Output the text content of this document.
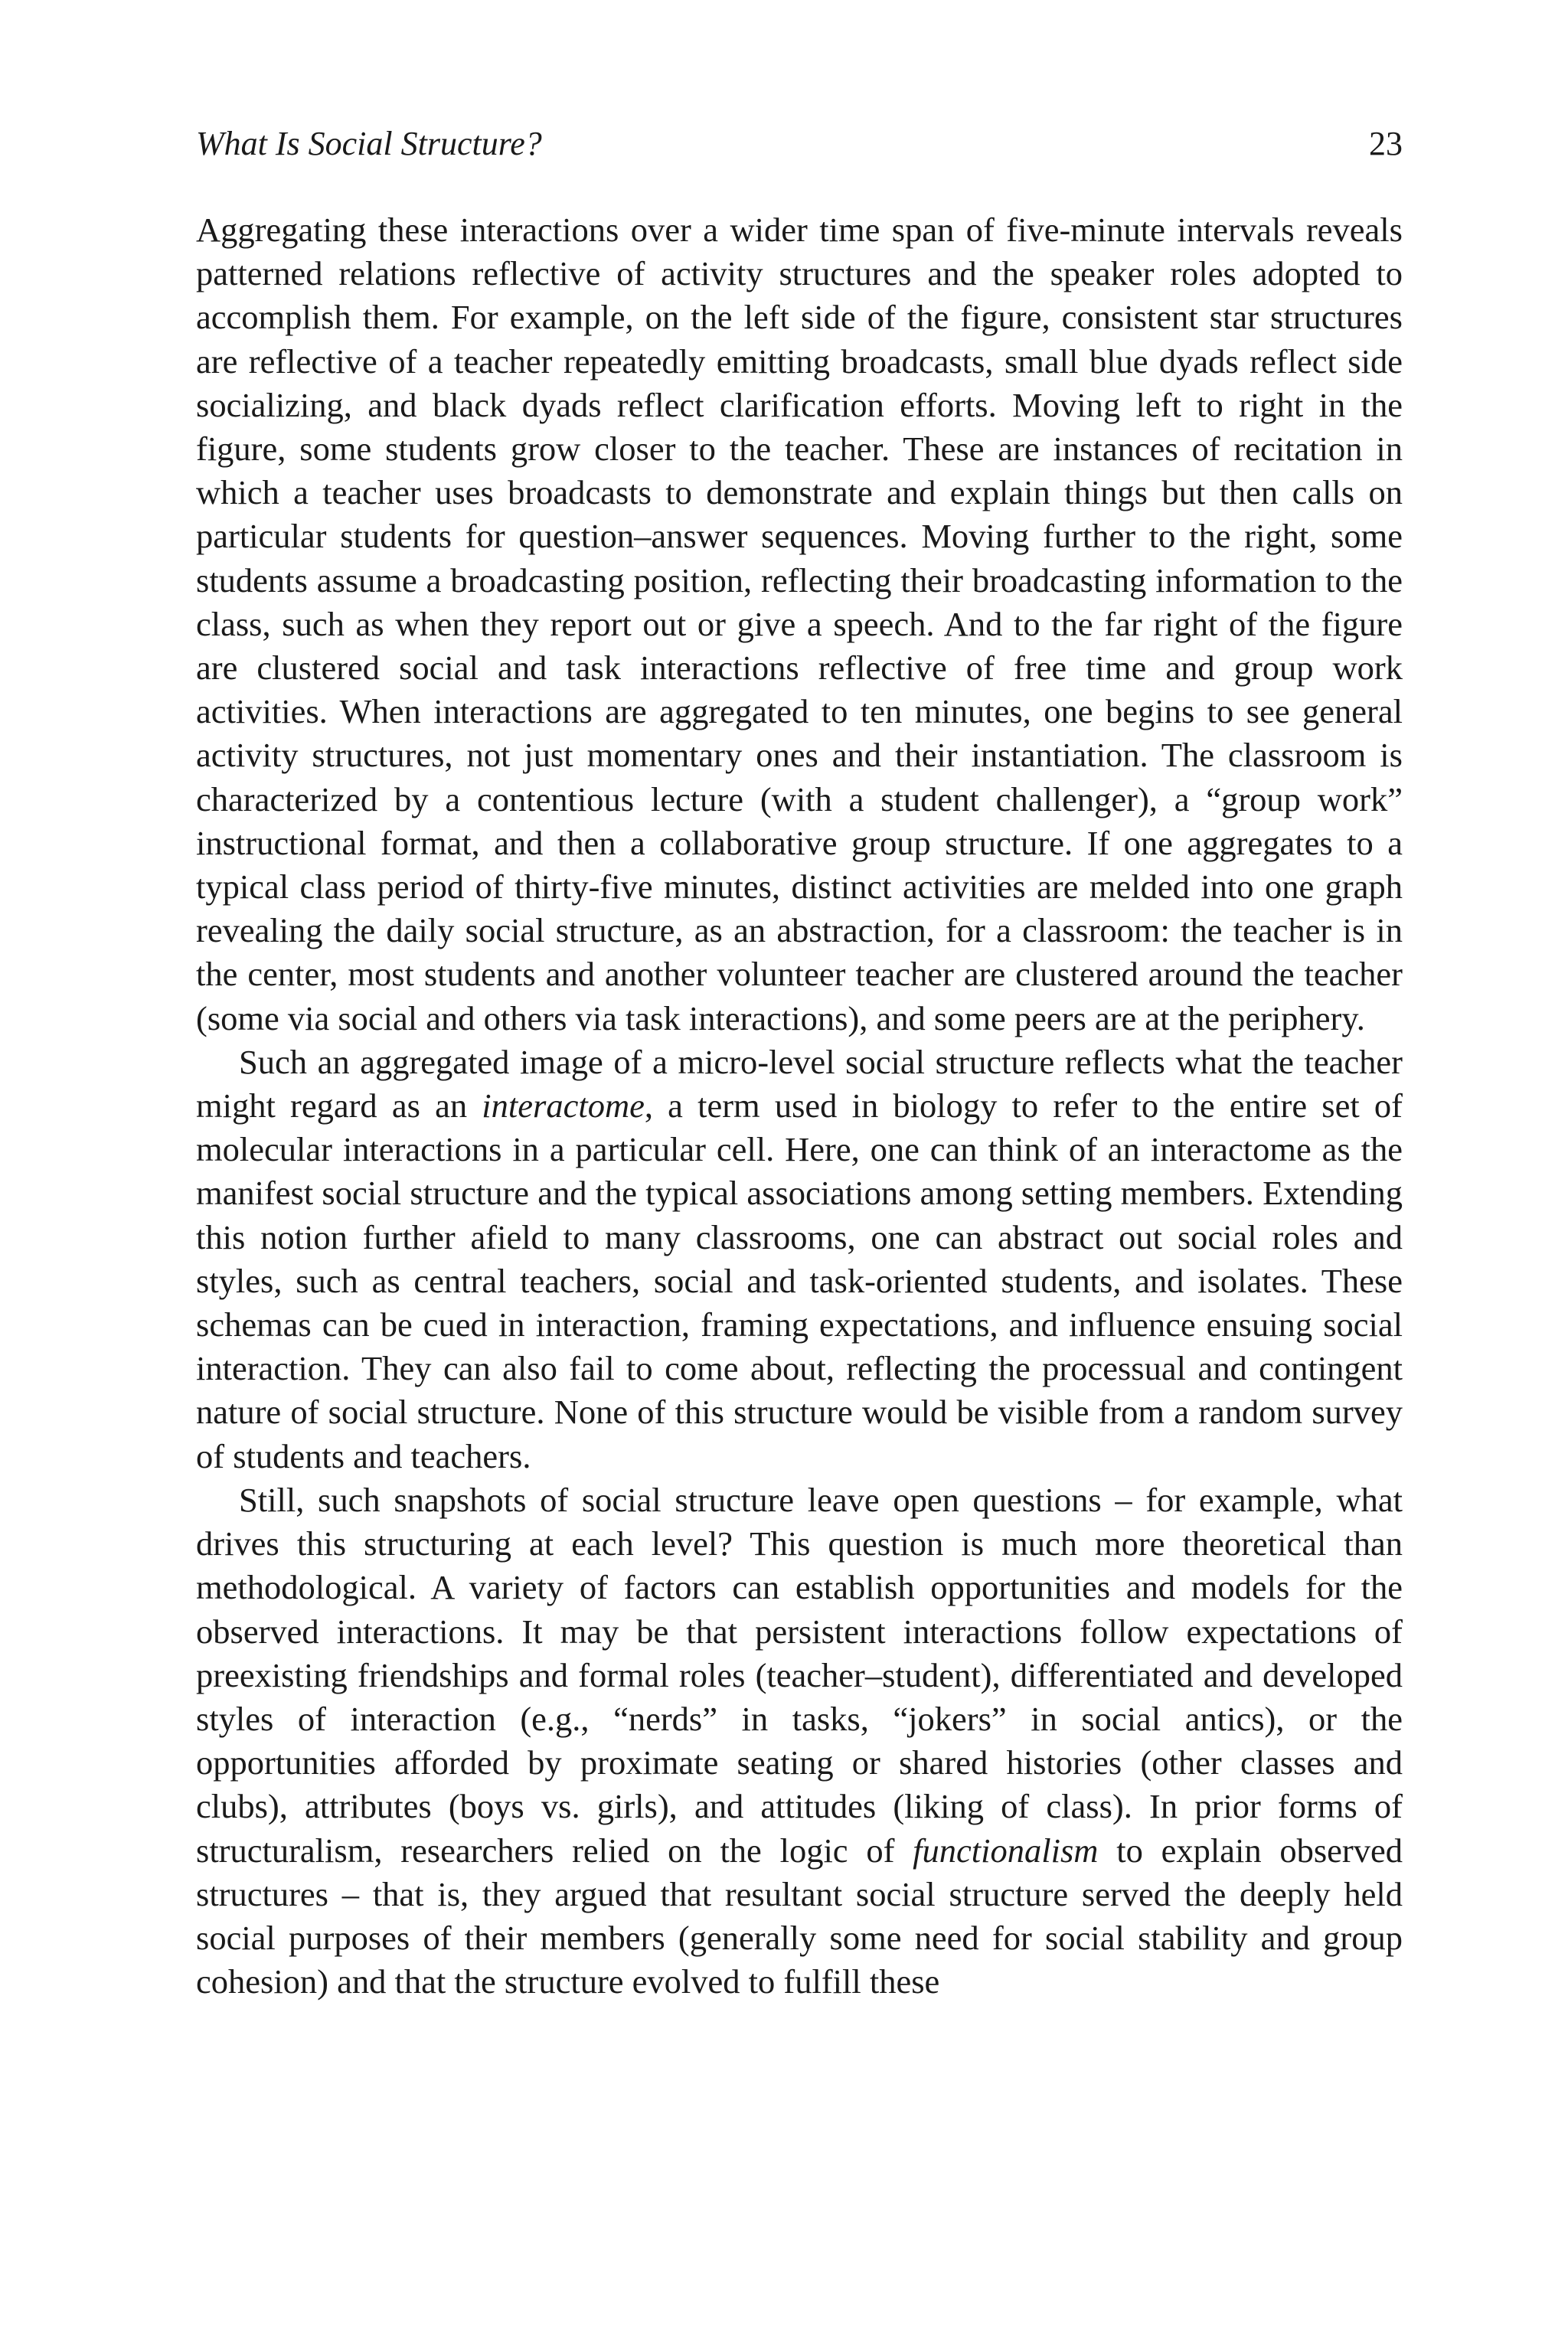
What Is Social Structure?	23

Aggregating these interactions over a wider time span of five-minute intervals reveals patterned relations reflective of activity structures and the speaker roles adopted to accomplish them. For example, on the left side of the figure, consistent star structures are reflective of a teacher repeatedly emitting broadcasts, small blue dyads reflect side socializing, and black dyads reflect clarification efforts. Moving left to right in the figure, some students grow closer to the teacher. These are instances of recitation in which a teacher uses broadcasts to demonstrate and explain things but then calls on particular students for question–answer sequences. Moving further to the right, some students assume a broadcasting position, reflecting their broadcasting information to the class, such as when they report out or give a speech. And to the far right of the figure are clustered social and task interactions reflective of free time and group work activities. When interactions are aggregated to ten minutes, one begins to see general activity structures, not just momentary ones and their instantiation. The classroom is characterized by a contentious lecture (with a student challenger), a “group work” instructional format, and then a collaborative group structure. If one aggregates to a typical class period of thirty-five minutes, distinct activities are melded into one graph revealing the daily social structure, as an abstraction, for a classroom: the teacher is in the center, most students and another volunteer teacher are clustered around the teacher (some via social and others via task interactions), and some peers are at the periphery.

Such an aggregated image of a micro-level social structure reflects what the teacher might regard as an interactome, a term used in biology to refer to the entire set of molecular interactions in a particular cell. Here, one can think of an interactome as the manifest social structure and the typical associations among setting members. Extending this notion further afield to many classrooms, one can abstract out social roles and styles, such as central teachers, social and task-oriented students, and isolates. These schemas can be cued in interaction, framing expectations, and influence ensuing social interaction. They can also fail to come about, reflecting the processual and contingent nature of social structure. None of this structure would be visible from a random survey of students and teachers.

Still, such snapshots of social structure leave open questions – for example, what drives this structuring at each level? This question is much more theoretical than methodological. A variety of factors can establish opportunities and models for the observed interactions. It may be that persistent interactions follow expectations of preexisting friendships and formal roles (teacher–student), differentiated and developed styles of interaction (e.g., “nerds” in tasks, “jokers” in social antics), or the opportunities afforded by proximate seating or shared histories (other classes and clubs), attributes (boys vs. girls), and attitudes (liking of class). In prior forms of structuralism, researchers relied on the logic of functionalism to explain observed structures – that is, they argued that resultant social structure served the deeply held social purposes of their members (generally some need for social stability and group cohesion) and that the structure evolved to fulfill these
